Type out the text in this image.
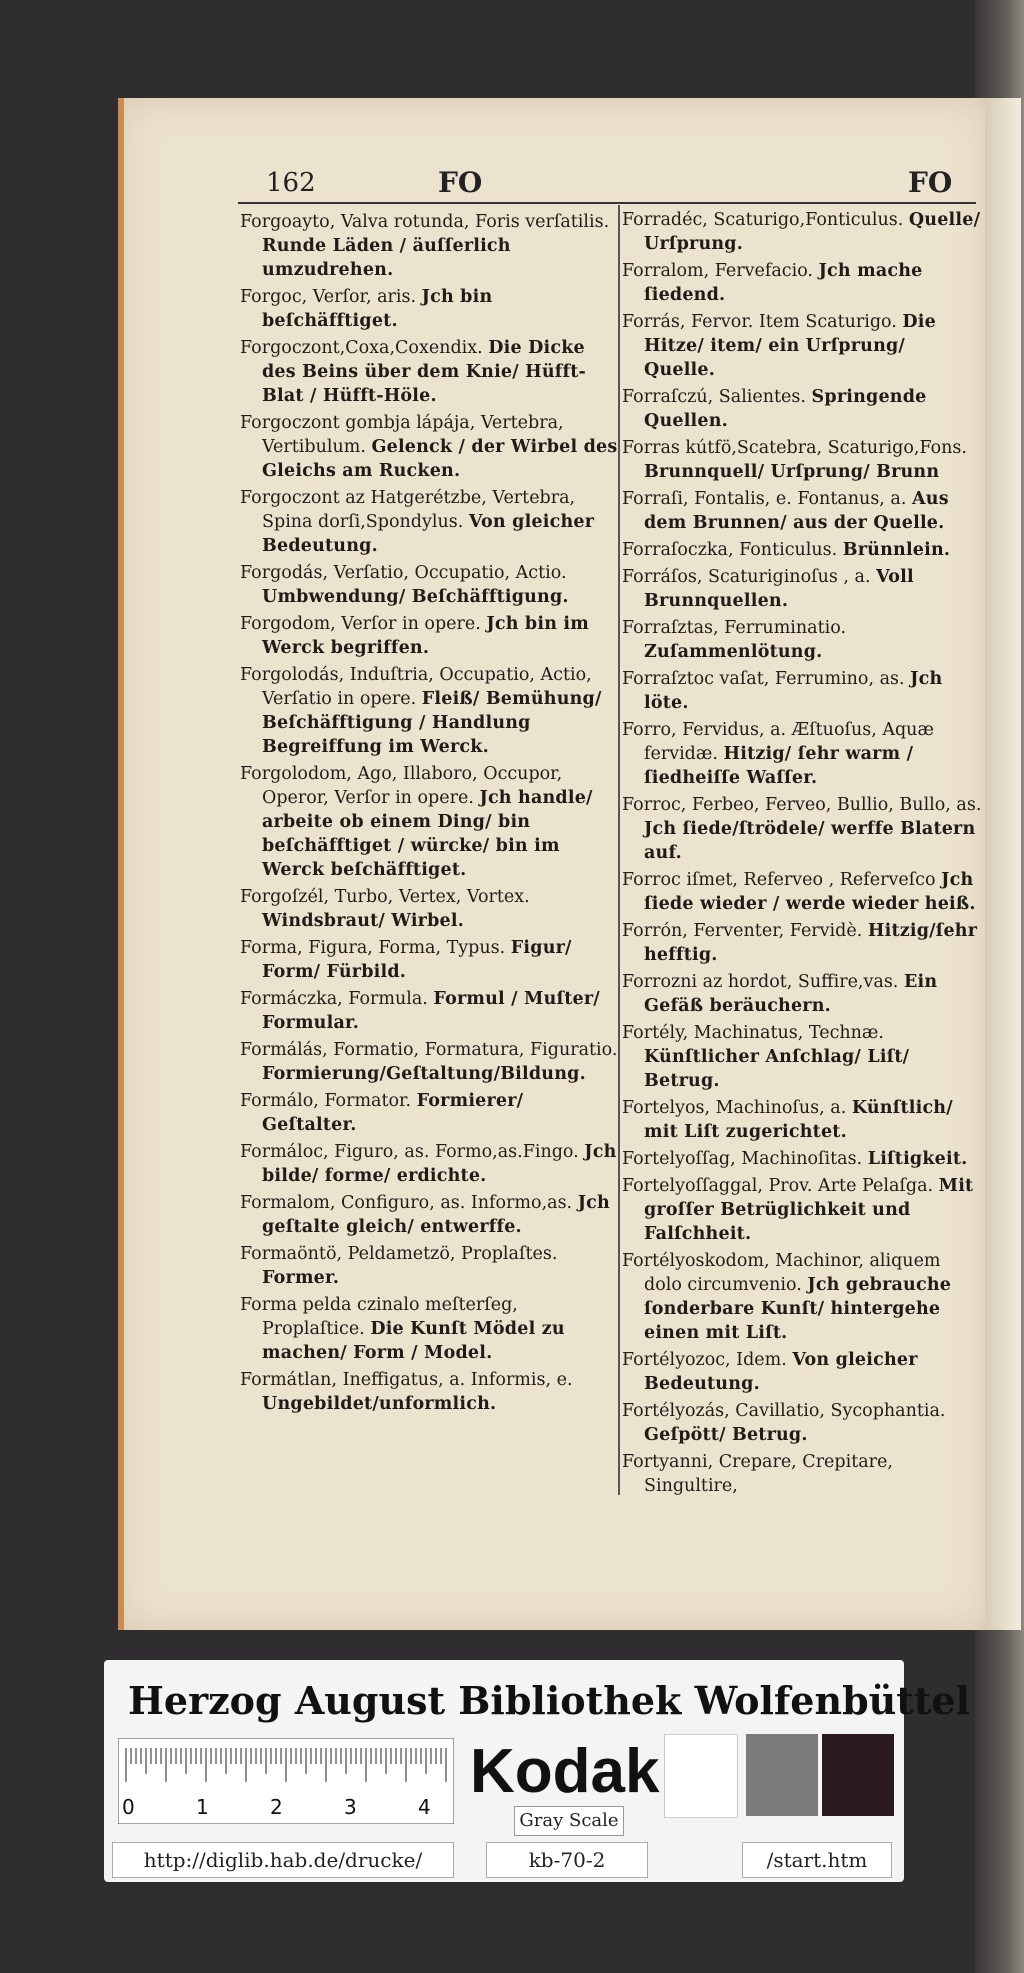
162	FO	FO

Forgoayto, Valva rotunda, Foris verſatilis. Runde Läden / äuſſerlich umzudrehen.

Forgoc, Verſor, aris. Jch bin beſchäfftiget.

Forgoczont,Coxa,Coxendix. Die Dicke des Beins über dem Knie/ Hüfft-Blat / Hüfft-Höle.

Forgoczont gombja lápája, Vertebra, Vertibulum. Gelenck / der Wirbel des Gleichs am Rucken.

Forgoczont az Hatgerétzbe, Vertebra, Spina dorſi,Spondylus. Von gleicher Bedeutung.

Forgodás, Verſatio, Occupatio, Actio. Umbwendung/ Beſchäfftigung.

Forgodom, Verſor in opere. Jch bin im Werck begriffen.

Forgolodás, Induſtria, Occupatio, Actio, Verſatio in opere. Fleiß/ Bemühung/ Beſchäfftigung / Handlung Begreiffung im Werck.

Forgolodom, Ago, Illaboro, Occupor, Operor, Verſor in opere. Jch handle/ arbeite ob einem Ding/ bin beſchäfftiget / würcke/ bin im Werck beſchäfftiget.

Forgoſzél, Turbo, Vertex, Vortex. Windsbraut/ Wirbel.

Forma, Figura, Forma, Typus. Figur/ Form/ Fürbild.

Formáczka, Formula. Formul / Muſter/ Formular.

Formálás, Formatio, Formatura, Figuratio. Formierung/Geſtaltung/Bildung.

Formálo, Formator. Formierer/ Geſtalter.

Formáloc, Figuro, as. Formo,as.Fingo. Jch bilde/ forme/ erdichte.

Formalom, Configuro, as. Informo,as. Jch geſtalte gleich/ entwerffe.

Formaöntö, Peldametzö, Proplaſtes. Former.

Forma pelda czinalo meſterſeg, Proplaſtice. Die Kunſt Mödel zu machen/ Form / Model.

Formátlan, Ineffigatus, a. Informis, e. Ungebildet/unformlich.

Forradéc, Scaturigo,Fonticulus. Quelle/ Urſprung.

Forralom, Fervefacio. Jch mache ſiedend.

Forrás, Fervor. Item Scaturigo. Die Hitze/ item/ ein Urſprung/ Quelle.

Forraſczú, Salientes. Springende Quellen.

Forras kútfö,Scatebra, Scaturigo,Fons. Brunnquell/ Urſprung/ Brunn

Forraſi, Fontalis, e. Fontanus, a. Aus dem Brunnen/ aus der Quelle.

Forraſoczka, Fonticulus. Brünnlein.

Forráſos, Scaturiginoſus , a. Voll Brunnquellen.

Forraſztas, Ferruminatio. Zuſammenlötung.

Forraſztoc vaſat, Ferrumino, as. Jch löte.

Forro, Fervidus, a. Æſtuoſus, Aquæ fervidæ. Hitzig/ ſehr warm / ſiedheiſſe Waſſer.

Forroc, Ferbeo, Ferveo, Bullio, Bullo, as. Jch ſiede/ſtrödele/ werffe Blatern auf.

Forroc iſmet, Referveo , Referveſco Jch ſiede wieder / werde wieder heiß.

Forrón, Ferventer, Fervidè. Hitzig/ſehr hefftig.

Forrozni az hordot, Suffire,vas. Ein Gefäß beräuchern.

Fortély, Machinatus, Technæ. Künſtlicher Anſchlag/ Liſt/ Betrug.

Fortelyos, Machinoſus, a. Künſtlich/ mit Liſt zugerichtet.

Fortelyoſſag, Machinoſitas. Liſtigkeit.

Fortelyoſſaggal, Prov. Arte Pelaſga. Mit groſſer Betrüglichkeit und Falſchheit.

Fortélyoskodom, Machinor, aliquem dolo circumvenio. Jch gebrauche ſonderbare Kunſt/ hintergehe einen mit Liſt.

Fortélyozoc, Idem. Von gleicher Bedeutung.

Fortélyozás, Cavillatio, Sycophantia. Geſpött/ Betrug.

Fortyanni, Crepare, Crepitare, Singultire,

Herzog August Bibliothek Wolfenbüttel
0	1	2	3	4
Kodak
Gray Scale
http://diglib.hab.de/drucke/	kb-70-2	/start.htm
